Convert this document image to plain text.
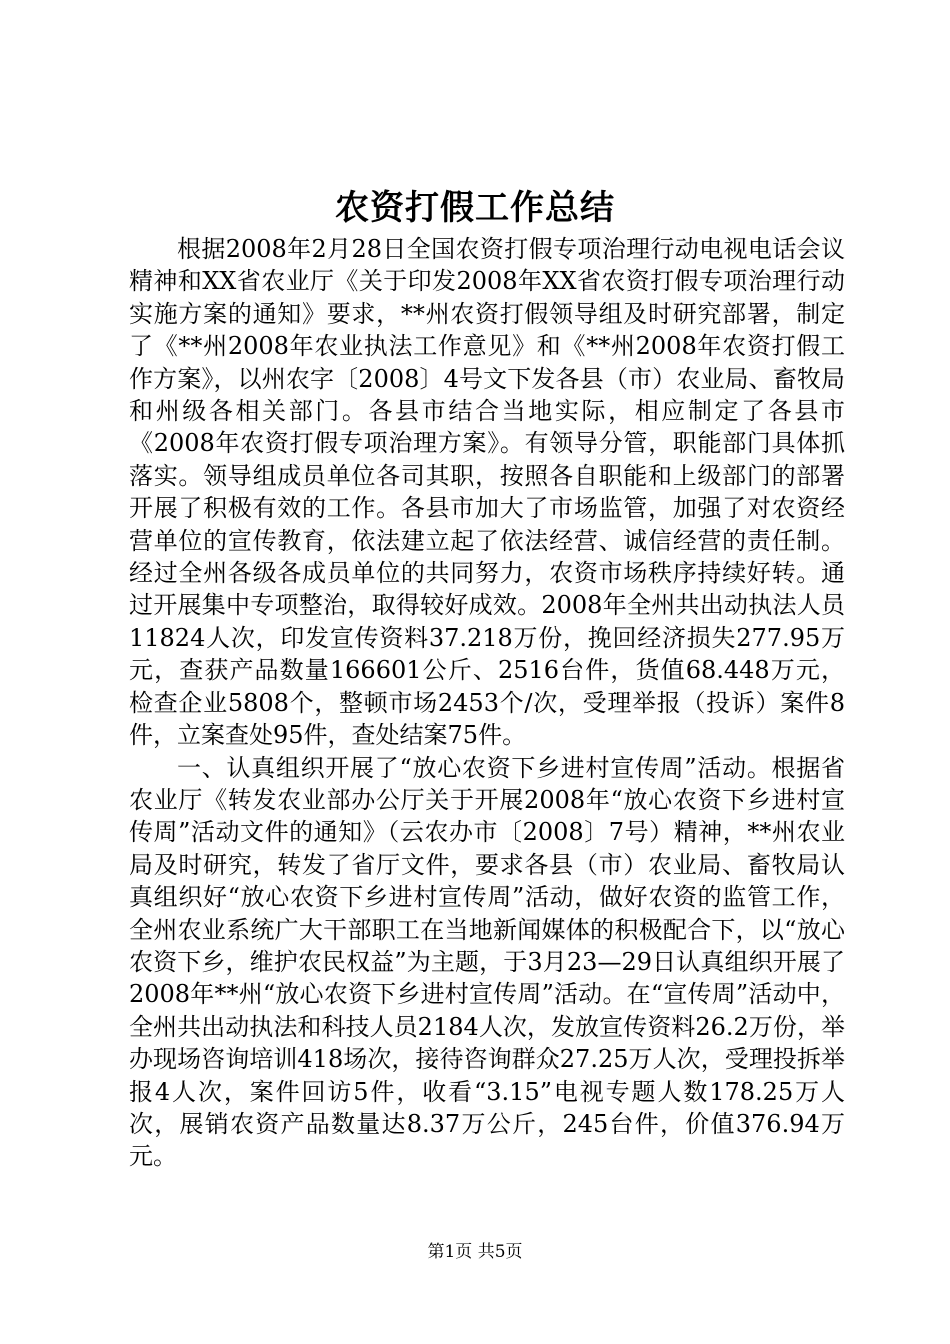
农资打假工作总结

根据2008年2月28日全国农资打假专项治理行动电视电话会议精神和XX省农业厅《关于印发2008年XX省农资打假专项治理行动实施方案的通知》要求，**州农资打假领导组及时研究部署，制定了《**州2008年农业执法工作意见》和《**州2008年农资打假工作方案》，以州农字〔2008〕4号文下发各县（市）农业局、畜牧局和州级各相关部门。各县市结合当地实际，相应制定了各县市《2008年农资打假专项治理方案》。有领导分管，职能部门具体抓落实。领导组成员单位各司其职，按照各自职能和上级部门的部署开展了积极有效的工作。各县市加大了市场监管，加强了对农资经营单位的宣传教育，依法建立起了依法经营、诚信经营的责任制。经过全州各级各成员单位的共同努力，农资市场秩序持续好转。通过开展集中专项整治，取得较好成效。2008年全州共出动执法人员11824人次，印发宣传资料37.218万份，挽回经济损失277.95万元，查获产品数量166601公斤、2516台件，货值68.448万元，检查企业5808个，整顿市场2453个/次，受理举报（投诉）案件8件，立案查处95件，查处结案75件。

一、认真组织开展了“放心农资下乡进村宣传周”活动。根据省农业厅《转发农业部办公厅关于开展2008年“放心农资下乡进村宣传周”活动文件的通知》（云农办市〔2008〕7号）精神，**州农业局及时研究，转发了省厅文件，要求各县（市）农业局、畜牧局认真组织好“放心农资下乡进村宣传周”活动，做好农资的监管工作，全州农业系统广大干部职工在当地新闻媒体的积极配合下，以“放心农资下乡，维护农民权益”为主题，于3月23—29日认真组织开展了2008年**州“放心农资下乡进村宣传周”活动。在“宣传周”活动中，全州共出动执法和科技人员2184人次，发放宣传资料26.2万份，举办现场咨询培训418场次，接待咨询群众27.25万人次，受理投拆举报4人次，案件回访5件，收看“3.15”电视专题人数178.25万人次，展销农资产品数量达8.37万公斤，245台件，价值376.94万元。

第1页 共5页
